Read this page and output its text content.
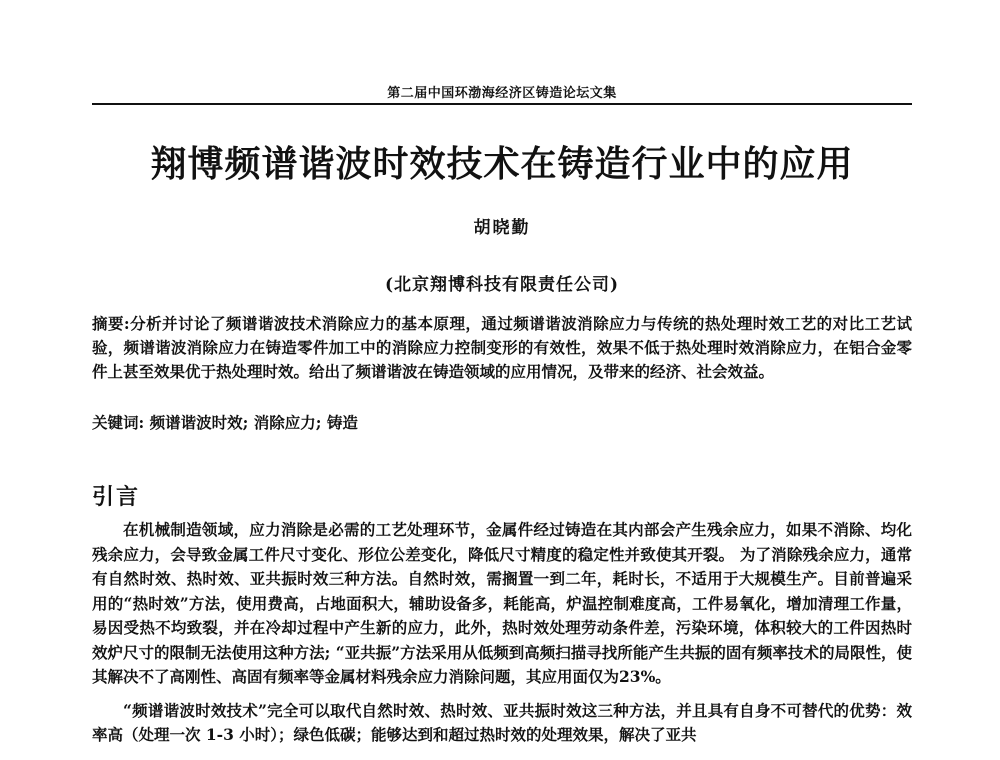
第二届中国环渤海经济区铸造论坛文集
翔博频谱谐波时效技术在铸造行业中的应用
胡晓勤
(北京翔博科技有限责任公司)
摘要:分析并讨论了频谱谐波技术消除应力的基本原理，通过频谱谐波消除应力与传统的热处理时效工艺的对比工艺试验，频谱谐波消除应力在铸造零件加工中的消除应力控制变形的有效性，效果不低于热处理时效消除应力，在铝合金零件上甚至效果优于热处理时效。给出了频谱谐波在铸造领域的应用情况，及带来的经济、社会效益。
关键词: 频谱谐波时效; 消除应力; 铸造
引言

在机械制造领域，应力消除是必需的工艺处理环节，金属件经过铸造在其内部会产生残余应力，如果不消除、均化残余应力，会导致金属工件尺寸变化、形位公差变化，降低尺寸精度的稳定性并致使其开裂。 为了消除残余应力，通常有自然时效、热时效、亚共振时效三种方法。自然时效，需搁置一到二年，耗时长，不适用于大规模生产。目前普遍采用的“热时效”方法，使用费高，占地面积大，辅助设备多，耗能高，炉温控制难度高，工件易氧化，增加清理工作量，易因受热不均致裂，并在冷却过程中产生新的应力，此外，热时效处理劳动条件差，污染环境，体积较大的工件因热时效炉尺寸的限制无法使用这种方法; “亚共振”方法采用从低频到高频扫描寻找所能产生共振的固有频率技术的局限性，使其解决不了高刚性、高固有频率等金属材料残余应力消除问题，其应用面仅为23%。

“频谱谐波时效技术”完全可以取代自然时效、热时效、亚共振时效这三种方法，并且具有自身不可替代的优势：效率高（处理一次 1-3 小时）；绿色低碳；能够达到和超过热时效的处理效果，解决了亚共
